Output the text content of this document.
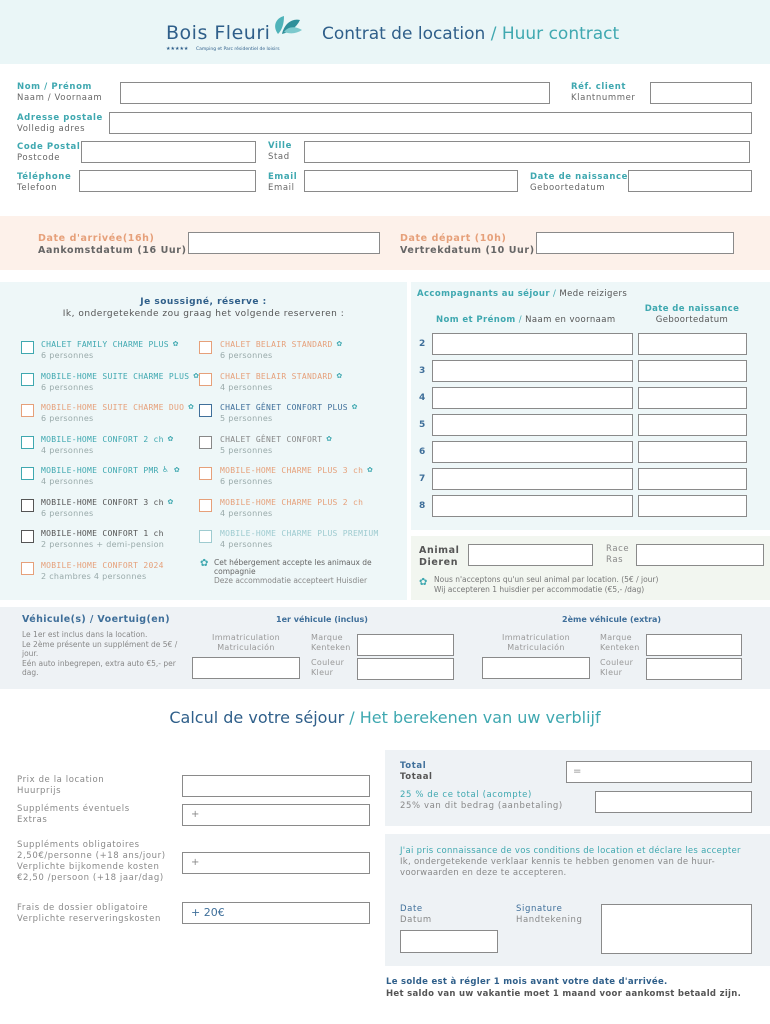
Bois Fleuri
★★★★★ Camping et Parc résidentiel de loisirs
Contrat de location / Huur contract
Nom / Prénom
Naam / Voornaam
Réf. client
Klantnummer
Adresse postale
Volledig adres
Code Postal
Postcode
Ville
Stad
Téléphone
Telefoon
Email
Email
Date de naissance
Geboortedatum
Date d'arrivée(16h)
Aankomstdatum (16 Uur)
Date départ (10h)
Vertrekdatum (10 Uur)
Je soussigné, réserve :
Ik, ondergetekende zou graag het volgende reserveren :
CHALET FAMILY CHARME PLUS ✿
6 personnes
MOBILE-HOME SUITE CHARME PLUS ✿
6 personnes
MOBILE-HOME SUITE CHARME DUO ✿
6 personnes
MOBILE-HOME CONFORT 2 ch ✿
4 personnes
MOBILE-HOME CONFORT PMR ♿ ✿
4 personnes
MOBILE-HOME CONFORT 3 ch ✿
6 personnes
MOBILE-HOME CONFORT 1 ch
2 personnes + demi-pension
MOBILE-HOME CONFORT 2024
2 chambres 4 personnes
CHALET BELAIR STANDARD ✿
6 personnes
CHALET BELAIR STANDARD ✿
4 personnes
CHALET GÊNET CONFORT PLUS ✿
5 personnes
CHALET GÊNET CONFORT ✿
5 personnes
MOBILE-HOME CHARME PLUS 3 ch ✿
6 personnes
MOBILE-HOME CHARME PLUS 2 ch
4 personnes
MOBILE-HOME CHARME PLUS PREMIUM
4 personnes
✿ Cet hébergement accepte les animaux de compagnie
Deze accommodatie accepteert Huisdier
Accompagnants au séjour / Mede reizigers
Nom et Prénom / Naam en voornaam
Date de naissance
Geboortedatum
2
3
4
5
6
7
8
Animal
Dieren
Race
Ras
✿ Nous n'acceptons qu'un seul animal par location. (5€ / jour)
Wij accepteren 1 huisdier per accommodatie (€5,- /dag)
Véhicule(s) / Voertuig(en)
Le 1er est inclus dans la location.
Le 2ème présente un supplément de 5€ / jour.
Eén auto inbegrepen, extra auto €5,- per dag.
1er véhicule (inclus)	2ème véhicule (extra)
Immatriculation
Matriculación
Marque
Kenteken
Couleur
Kleur
Immatriculation
Matriculación
Marque
Kenteken
Couleur
Kleur
Calcul de votre séjour / Het berekenen van uw verblijf
Prix de la location
Huurprijs
Suppléments éventuels
Extras	+
Suppléments obligatoires
2,50€/personne (+18 ans/jour)
Verplichte bijkomende kosten
€2,50 /persoon (+18 jaar/dag)
+
Frais de dossier obligatoire
Verplichte reserveringskosten	+ 20€
Total
Totaal	=
25 % de ce total (acompte)
25% van dit bedrag (aanbetaling)
J'ai pris connaissance de vos conditions de location et déclare les accepter
Ik, ondergetekende verklaar kennis te hebben genomen van de huur-voorwaarden en deze te accepteren.
Date
Datum
Signature
Handtekening
Le solde est à régler 1 mois avant votre date d'arrivée.
Het saldo van uw vakantie moet 1 maand voor aankomst betaald zijn.
